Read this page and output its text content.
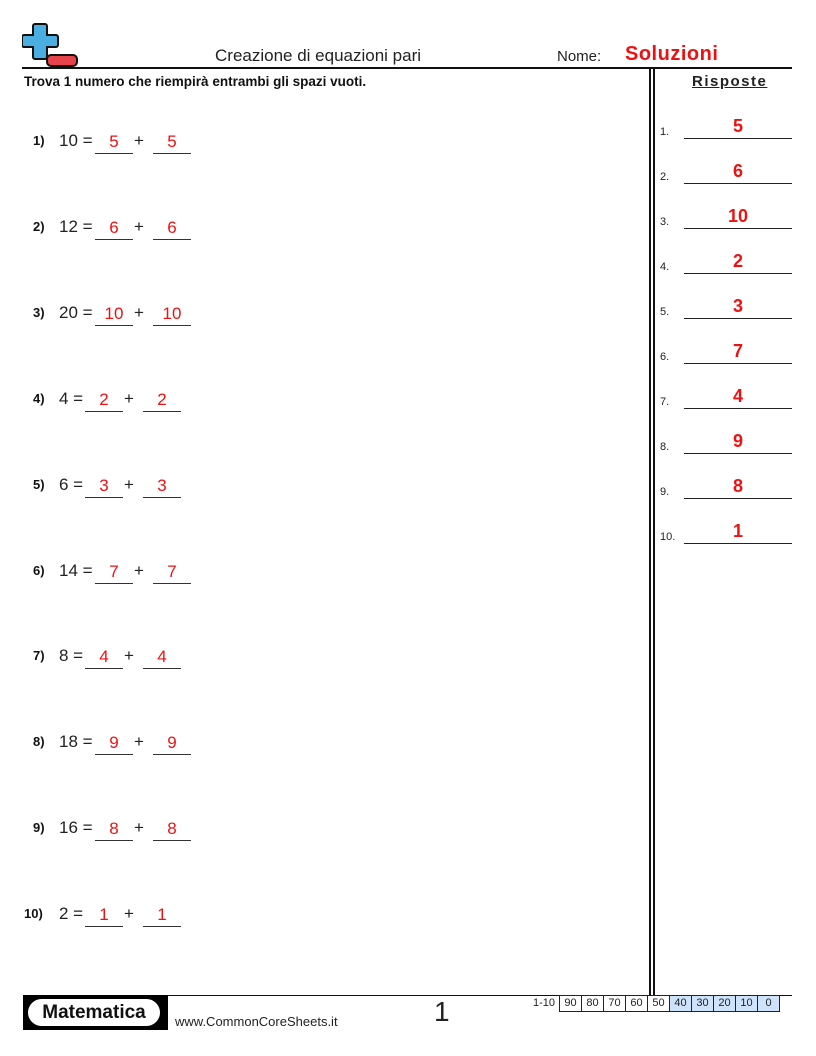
Creazione di equazioni pari	Nome: Soluzioni
Trova 1 numero che riempirà entrambi gli spazi vuoti.
1) 10 = 5 +	5
2) 12 = 6 +	6
3) 20 = 10 +	10
4) 4 = 2 +	2
5) 6 = 3 +	3
6) 14 = 7 +	7
7) 8 = 4 +	4
8) 18 = 9 +	9
9) 16 = 8 +	8
10) 2 = 1 +	1
Risposte
1.	5
2.	6
3.	10
4.	2
5.	3
6.	7
7.	4
8.	9
9.	8
10.	1
Matematica	www.CommonCoreSheets.it	1	1-10 90 80 70 60 50 40 30 20 10	0
